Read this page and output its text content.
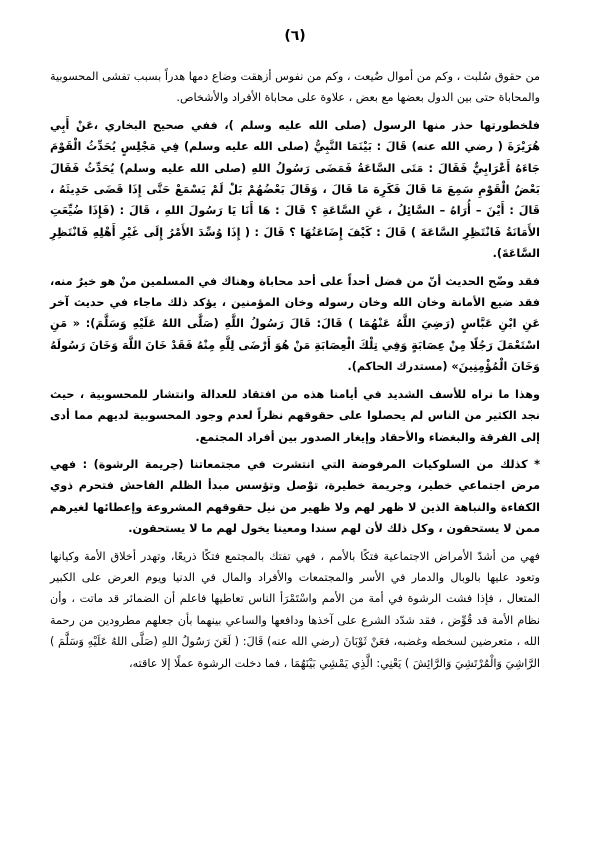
(٦)

من حقوق سُلبت ، وكم من أموال ضُيعت ، وكم من نفوس أزهقت وضاع دمها هدراً بسبب تفشى المحسوبية والمحاباة حتى بين الدول بعضها مع بعض ، علاوة على محاباة الأفراد والأشخاص.

فلخطورتها حذر منها الرسول (صلى الله عليه وسلم )، ففي صحيح البخاري ،عَنْ أَبِي هُرَيْرَةَ ( رضي الله عنه) قَالَ : بَيْنَمَا النَّبِيُّ (صلى الله عليه وسلم) فِي مَجْلِسٍ يُحَدِّثُ الْقَوْمَ جَاءَهُ أَعْرَابِيٌّ فَقَالَ : مَتَى السَّاعَةُ فَمَضَى رَسُولُ اللهِ (صلى الله عليه وسلم) يُحَدِّثُ فَقَالَ بَعْضُ الْقَوْمِ سَمِعَ مَا قَالَ فَكَرِهَ مَا قَالَ ، وَقَالَ بَعْضُهُمْ بَلْ لَمْ يَسْمَعْ حَتَّى إِذَا قَضَى حَدِيثَهُ ، قَالَ : أَيْنَ – أُرَاهُ – السَّائِلُ ، عَنِ السَّاعَةِ ؟ قَالَ : هَا أَنَا يَا رَسُولَ اللهِ ، قَالَ : (فَإِذَا ضُيِّعَتِ الأَمَانَةُ فَانْتَظِرِ السَّاعَةَ ) قَالَ : كَيْفَ إِضَاعَتُهَا ؟ قَالَ : ( إِذَا وُسِّدَ الأَمْرُ إِلَى غَيْرِ أَهْلِهِ فَانْتَظِرِ السَّاعَةَ).

فقد وضّح الحديث أنّ من فضل أحداً على أحد محاباة وهناك في المسلمين منْ هو خيرٌ منه، فقد ضيع الأمانة وخان الله وخان رسوله وخان المؤمنين ، يؤكد ذلك ماجاء في حديث آخر عَنِ ابْنِ عَبَّاسٍ (رَضِيَ اللَّهُ عَنْهُمَا ) قَالَ: قَالَ رَسُولُ اللَّهِ (صَلَّى اللهُ عَلَيْهِ وَسَلَّمَ): « مَنِ اسْتَعْمَلَ رَجُلًا مِنْ عِصَابَةٍ وَفِي تِلْكَ الْعِصَابَةِ مَنْ هُوَ أَرْضَى لِلَّهِ مِنْهُ فَقَدْ خَانَ اللَّهَ وَخَانَ رَسُولَهُ وَخَانَ الْمُؤْمِنِينَ» (مستدرك الحاكم).

وهذا ما نراه للأسف الشديد في أيامنا هذه من افتقاد للعدالة وانتشار للمحسوبية ، حيث نجد الكثير من الناس لم يحصلوا على حقوقهم نظراً لعدم وجود المحسوبية لديهم مما أدى إلى الفرقة والبغضاء والأحقاد وإيغار الصدور بين أفراد المجتمع.

* كذلك من السلوكيات المرفوضة التي انتشرت في مجتمعاتنا (جريمة الرشوة) : فهي مرض اجتماعي خطير، وجريمة خطيرة، توْصل وتؤسس مبدأ الظلم الفاحش فتحرم ذوي الكفاءة والنباهة الذين لا ظهر لهم ولا ظهير من نيل حقوقهم المشروعة وإعطائها لغيرهم ممن لا يستحقون ، وكل ذلك لأن لهم سندا ومعينا يخول لهم ما لا يستحقون.

فهي من أشدّ الأمراض الاجتماعية فتكًا بالأمم ، فهي تفتك بالمجتمع فتكًا ذريعًا، وتهدر أخلاق الأمة وكيانها وتعود عليها بالوبال والدمار في الأسر والمجتمعات والأفراد والمال في الدنيا ويوم العرض على الكبير المتعال ، فإذا فشت الرشوة في أمة من الأمم واسْتَمْرَأ الناس تعاطيها فاعلم أن الضمائر قد ماتت ، وأن نظام الأمة قد قُوِّض ، فقد شدّد الشرع على آخذها ودافعها والساعي بينهما بأن جعلهم مطرودين من رحمة الله ، متعرضين لسخطه وغضبه، فعَنْ ثَوْبَانَ (رضي الله عنه) قَالَ: ( لَعَنَ رَسُولُ اللهِ (صَلَّى اللهُ عَلَيْهِ وَسَلَّمَ ) الرَّاشِيَ وَالْمُرْتَشِيَ وَالرَّائِشَ ) يَعْنِي: الَّذِي يَمْشِي بَيْنَهُمَا ، فما دخلت الرشوة عملًا إلا عاقته،
